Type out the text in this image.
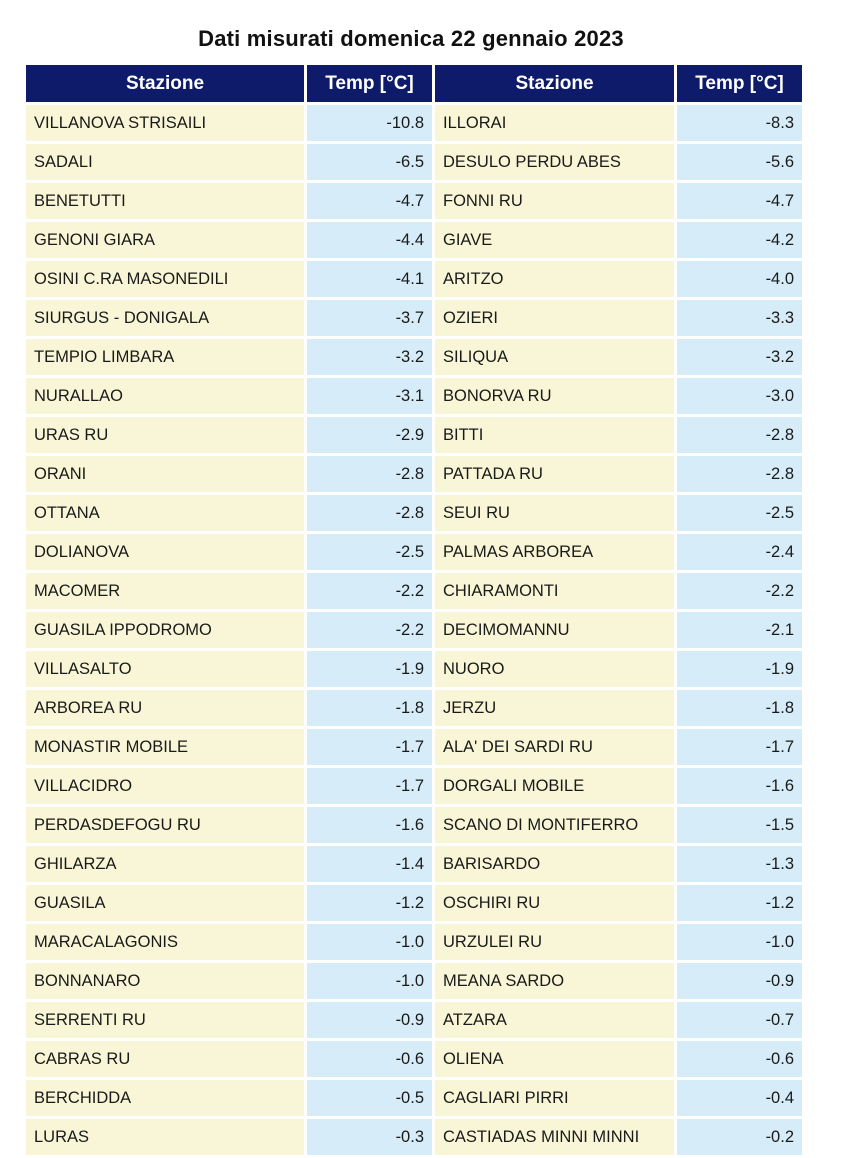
Dati misurati domenica 22 gennaio 2023
Stazione	Temp [°C]	Stazione	Temp [°C]
VILLANOVA STRISAILI	-10.8	ILLORAI	-8.3
SADALI	-6.5	DESULO PERDU ABES	-5.6
BENETUTTI	-4.7	FONNI RU	-4.7
GENONI GIARA	-4.4	GIAVE	-4.2
OSINI C.RA MASONEDILI	-4.1	ARITZO	-4.0
SIURGUS - DONIGALA	-3.7	OZIERI	-3.3
TEMPIO LIMBARA	-3.2	SILIQUA	-3.2
NURALLAO	-3.1	BONORVA RU	-3.0
URAS RU	-2.9	BITTI	-2.8
ORANI	-2.8	PATTADA RU	-2.8
OTTANA	-2.8	SEUI RU	-2.5
DOLIANOVA	-2.5	PALMAS ARBOREA	-2.4
MACOMER	-2.2	CHIARAMONTI	-2.2
GUASILA IPPODROMO	-2.2	DECIMOMANNU	-2.1
VILLASALTO	-1.9	NUORO	-1.9
ARBOREA RU	-1.8	JERZU	-1.8
MONASTIR MOBILE	-1.7	ALA' DEI SARDI RU	-1.7
VILLACIDRO	-1.7	DORGALI MOBILE	-1.6
PERDASDEFOGU RU	-1.6	SCANO DI MONTIFERRO	-1.5
GHILARZA	-1.4	BARISARDO	-1.3
GUASILA	-1.2	OSCHIRI RU	-1.2
MARACALAGONIS	-1.0	URZULEI RU	-1.0
BONNANARO	-1.0	MEANA SARDO	-0.9
SERRENTI RU	-0.9	ATZARA	-0.7
CABRAS RU	-0.6	OLIENA	-0.6
BERCHIDDA	-0.5	CAGLIARI PIRRI	-0.4
LURAS	-0.3	CASTIADAS MINNI MINNI	-0.2
